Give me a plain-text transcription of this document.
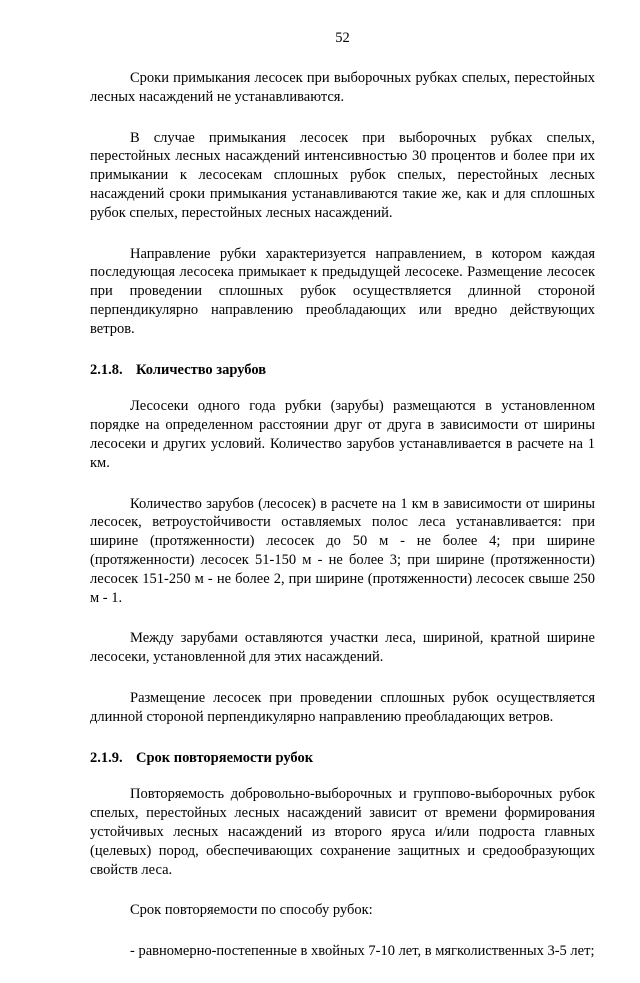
52

Сроки примыкания лесосек при выборочных рубках спелых, перестойных лесных насаждений не устанавливаются.

В случае примыкания лесосек при выборочных рубках спелых, перестойных лесных насаждений интенсивностью 30 процентов и более при их примыкании к лесосекам сплошных рубок спелых, перестойных лесных насаждений сроки примыкания устанавливаются такие же, как и для сплошных рубок спелых, перестойных лесных насаждений.

Направление рубки характеризуется направлением, в котором каждая последующая лесосека примыкает к предыдущей лесосеке. Размещение лесосек при проведении сплошных рубок осуществляется длинной стороной перпендикулярно направлению преобладающих или вредно действующих ветров.

2.1.8. Количество зарубов

Лесосеки одного года рубки (зарубы) размещаются в установленном порядке на определенном расстоянии друг от друга в зависимости от ширины лесосеки и других условий. Количество зарубов устанавливается в расчете на 1 км.

Количество зарубов (лесосек) в расчете на 1 км в зависимости от ширины лесосек, ветроустойчивости оставляемых полос леса устанавливается: при ширине (протяженности) лесосек до 50 м - не более 4; при ширине (протяженности) лесосек 51-150 м - не более 3; при ширине (протяженности) лесосек 151-250 м - не более 2, при ширине (протяженности) лесосек свыше 250 м - 1.

Между зарубами оставляются участки леса, шириной, кратной ширине лесосеки, установленной для этих насаждений.

Размещение лесосек при проведении сплошных рубок осуществляется длинной стороной перпендикулярно направлению преобладающих ветров.

2.1.9. Срок повторяемости рубок

Повторяемость добровольно-выборочных и группово-выборочных рубок спелых, перестойных лесных насаждений зависит от времени формирования устойчивых лесных насаждений из второго яруса и/или подроста главных (целевых) пород, обеспечивающих сохранение защитных и средообразующих свойств леса.

Срок повторяемости по способу рубок:

- равномерно-постепенные в хвойных 7-10 лет, в мягколиственных 3-5 лет;
